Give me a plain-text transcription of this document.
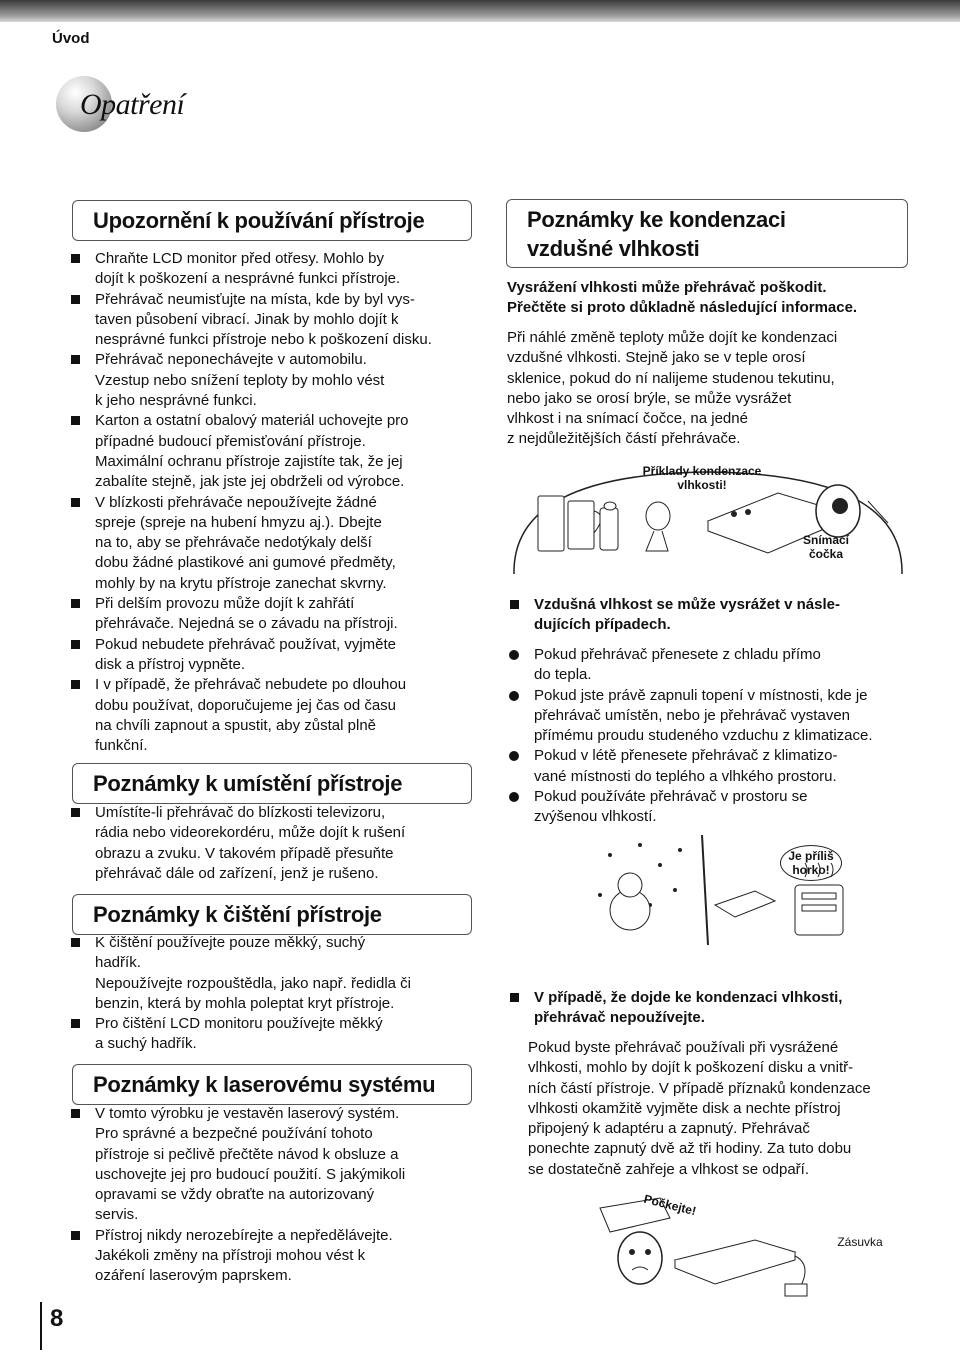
Úvod
Opatření
Upozornění k používání přístroje

Chraňte LCD monitor před otřesy. Mohlo by

dojít k poškození a nesprávné funkci přístroje.

Přehrávač neumisťujte na místa, kde by byl vys-

taven působení vibrací. Jinak by mohlo dojít k

nesprávné funkci přístroje nebo k poškození disku.

Přehrávač neponechávejte v automobilu.

Vzestup nebo snížení teploty by mohlo vést

k jeho nesprávné funkci.

Karton a ostatní obalový materiál uchovejte pro

případné budoucí přemisťování přístroje.

Maximální ochranu přístroje zajistíte tak, že jej

zabalíte stejně, jak jste jej obdrželi od výrobce.

V blízkosti přehrávače nepoužívejte žádné

spreje (spreje na hubení hmyzu aj.). Dbejte

na to, aby se přehrávače nedotýkaly delší

dobu žádné plastikové ani gumové předměty,

mohly by na krytu přístroje zanechat skvrny.

Při delším provozu může dojít k zahřátí

přehrávače. Nejedná se o závadu na přístroji.

Pokud nebudete přehrávač používat, vyjměte

disk a přístroj vypněte.

I v případě, že přehrávač nebudete po dlouhou

dobu používat, doporučujeme jej čas od času

na chvíli zapnout a spustit, aby zůstal plně

funkční.

Poznámky k umístění přístroje

Umístíte-li přehrávač do blízkosti televizoru,

rádia nebo videorekordéru, může dojít k rušení

obrazu a zvuku. V takovém případě přesuňte

přehrávač dále od zařízení, jenž je rušeno.

Poznámky k čištění přístroje

K čištění používejte pouze měkký, suchý

hadřík.

Nepoužívejte rozpouštědla, jako např. ředidla či

benzin, která by mohla poleptat kryt přístroje.

Pro čištění LCD monitoru používejte měkký

a suchý hadřík.

Poznámky k laserovému systému

V tomto výrobku je vestavěn laserový systém.

Pro správné a bezpečné používání tohoto

přístroje si pečlivě přečtěte návod k obsluze a

uschovejte jej pro budoucí použití. S jakýmikoli

opravami se vždy obraťte na autorizovaný

servis.

Přístroj nikdy nerozebírejte a nepředělávejte.

Jakékoli změny na přístroji mohou vést k

ozáření laserovým paprskem.

Poznámky ke kondenzaci
vzdušné vlhkosti

Vysrážení vlhkosti může přehrávač poškodit.

Přečtěte si proto důkladně následující informace.

Při náhlé změně teploty může dojít ke kondenzaci

vzdušné vlhkosti. Stejně jako se v teple orosí

sklenice, pokud do ní nalijeme studenou tekutinu,

nebo jako se orosí brýle, se může vysrážet

vlhkost i na snímací čočce, na jedné

z nejdůležitějších částí přehrávače.

Příklady kondenzace
vlhkosti!
Snímací
čočka

Vzdušná vlhkost se může vysrážet v násle-

dujících případech.

Pokud přehrávač přenesete z chladu přímo

do tepla.

Pokud jste právě zapnuli topení v místnosti, kde je

přehrávač umístěn, nebo je přehrávač vystaven

přímému proudu studeného vzduchu z klimatizace.

Pokud v létě přenesete přehrávač z klimatizo-

vané místnosti do teplého a vlhkého prostoru.

Pokud používáte přehrávač v prostoru se

zvýšenou vlhkostí.

Je příliš
horko!

V případě, že dojde ke kondenzaci vlhkosti,

přehrávač nepoužívejte.

Pokud byste přehrávač používali při vysrážené

vlhkosti, mohlo by dojít k poškození disku a vnitř-

ních částí přístroje. V případě příznaků kondenzace

vlhkosti okamžitě vyjměte disk a nechte přístroj

připojený k adaptéru a zapnutý. Přehrávač

ponechte zapnutý dvě až tři hodiny. Za tuto dobu

se dostatečně zahřeje a vlhkost se odpaří.

Počkejte!
Zásuvka
8
